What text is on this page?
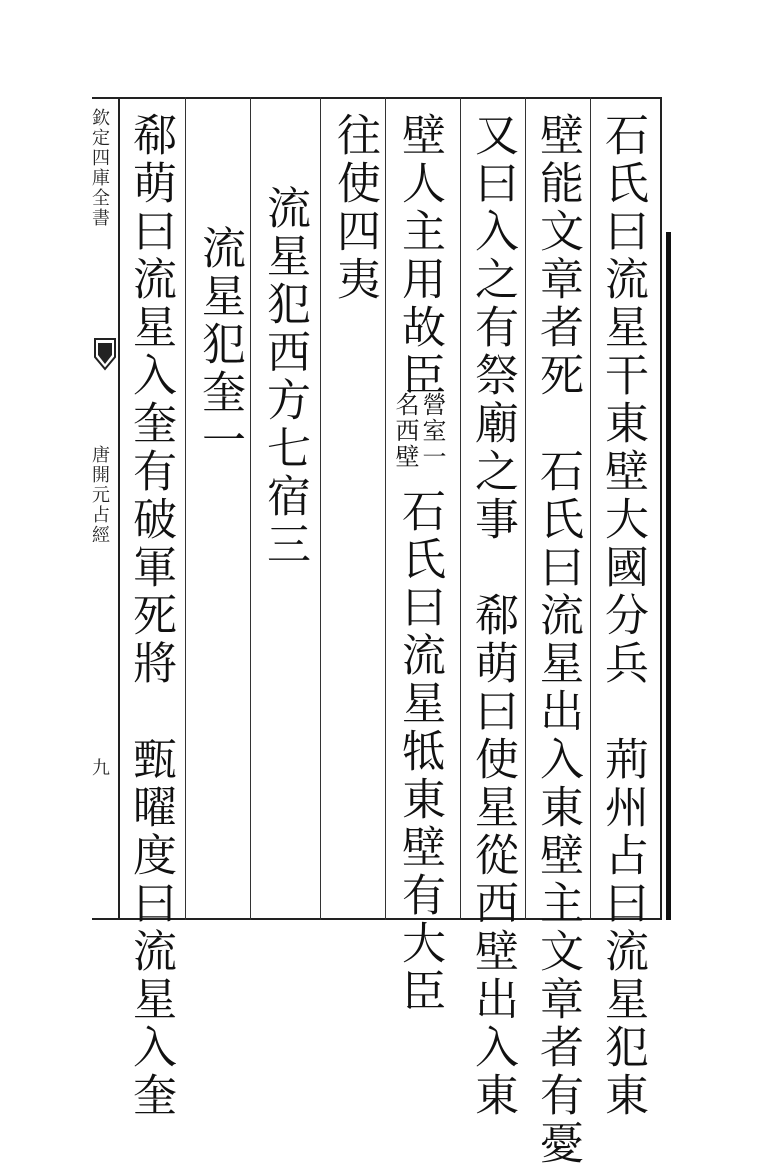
欽定四庫全書
唐開元占經
九	石氏曰流星干東壁大國分兵　荊州占曰流星犯東
壁能文章者死　石氏曰流星出入東壁主文章者有憂
又曰入之有祭廟之事　郗萌曰使星從西壁出入東
壁人主用故臣
營室一
名西壁
石氏曰流星牴東壁有大臣
往使四夷
流星犯西方七宿三
流星犯奎一
郗萌曰流星入奎有破軍死將　甄曜度曰流星入奎
